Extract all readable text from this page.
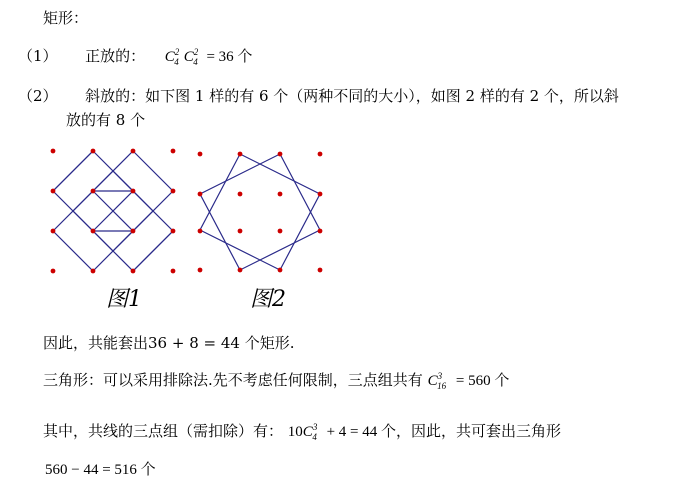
矩形：
（1） 正放的： $C^2_4$ $C^2_4 = 36$ 个
（2） 斜放的：如下图 1 样的有 6 个（两种不同的大小），如图 2 样的有 2 个，所以斜
放的有 8 个
图1	图2
因此，共能套出36 + 8 = 44 个矩形.
三角形：可以采用排除法.先不考虑任何限制，三点组共有 $C^3_{16} = 560$ 个
其中，共线的三点组（需扣除）有： $10C^3_4 + 4 = 44$ 个，因此，共可套出三角形
560 − 44 = 516 个
